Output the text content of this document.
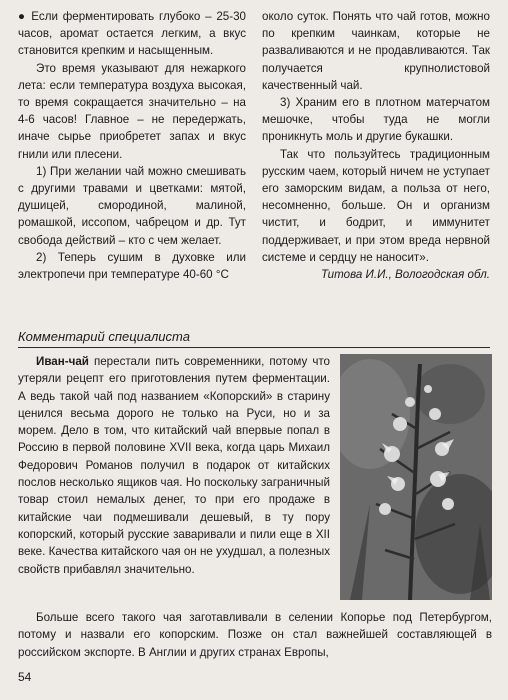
● Если ферментировать глубоко – 25-30 часов, аромат остается легким, а вкус становится крепким и насыщенным.

Это время указывают для нежаркого лета: если температура воздуха высокая, то время сокращается значительно – на 4-6 часов! Главное – не передержать, иначе сырье приобретет запах и вкус гнили или плесени.

1) При желании чай можно смешивать с другими травами и цветками: мятой, душицей, смородиной, малиной, ромашкой, иссопом, чабрецом и др. Тут свобода действий – кто с чем желает.

2) Теперь сушим в духовке или электропечи при температуре 40-60 °С

около суток. Понять что чай готов, можно по крепким чаинкам, которые не разваливаются и не продавливаются. Так получается крупнолистовой качественный чай.

3) Храним его в плотном матерчатом мешочке, чтобы туда не могли проникнуть моль и другие букашки.

Так что пользуйтесь традиционным русским чаем, который ничем не уступает его заморским видам, а польза от него, несомненно, больше. Он и организм чистит, и бодрит, и иммунитет поддерживает, и при этом вреда нервной системе и сердцу не наносит».

Титова И.И., Вологодская обл.

Комментарий специалиста

Иван-чай перестали пить современники, потому что утеряли рецепт его приготовления путем ферментации. А ведь такой чай под названием «Копорский» в старину ценился весьма дорого не только на Руси, но и за морем. Дело в том, что китайский чай впервые попал в Россию в первой половине XVII века, когда царь Михаил Федорович Романов получил в подарок от китайских послов несколько ящиков чая. Но поскольку заграничный товар стоил немалых денег, то при его продаже в китайские чаи подмешивали дешевый, в ту пору копорский, который русские заваривали и пили еще в XII веке. Качества китайского чая он не ухудшал, а полезных свойств прибавлял значительно.

Больше всего такого чая заготавливали в селении Копорье под Петербургом, потому и назвали его копорским. Позже он стал важнейшей составляющей в российском экспорте. В Англии и других странах Европы,

54
